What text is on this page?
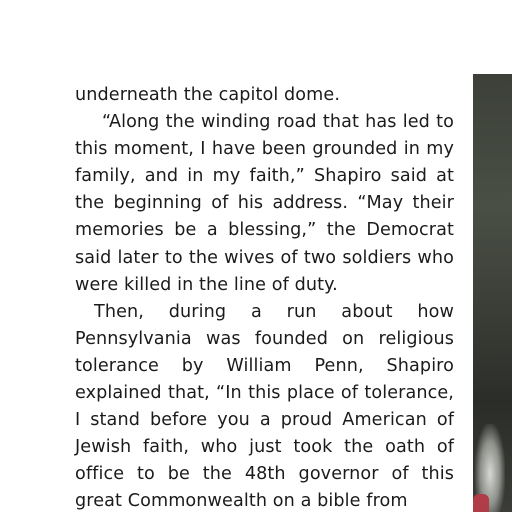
underneath the capitol dome.

“Along the winding road that has led to this moment, I have been grounded in my family, and in my faith,” Shapiro said at the beginning of his address. “May their memories be a blessing,” the Democrat said later to the wives of two soldiers who were killed in the line of duty.

Then, during a run about how Pennsylvania was founded on religious tolerance by William Penn, Shapiro explained that, “In this place of tolerance, I stand before you a proud American of Jewish faith, who just took the oath of office to be the 48th governor of this great Commonwealth on a bible from
